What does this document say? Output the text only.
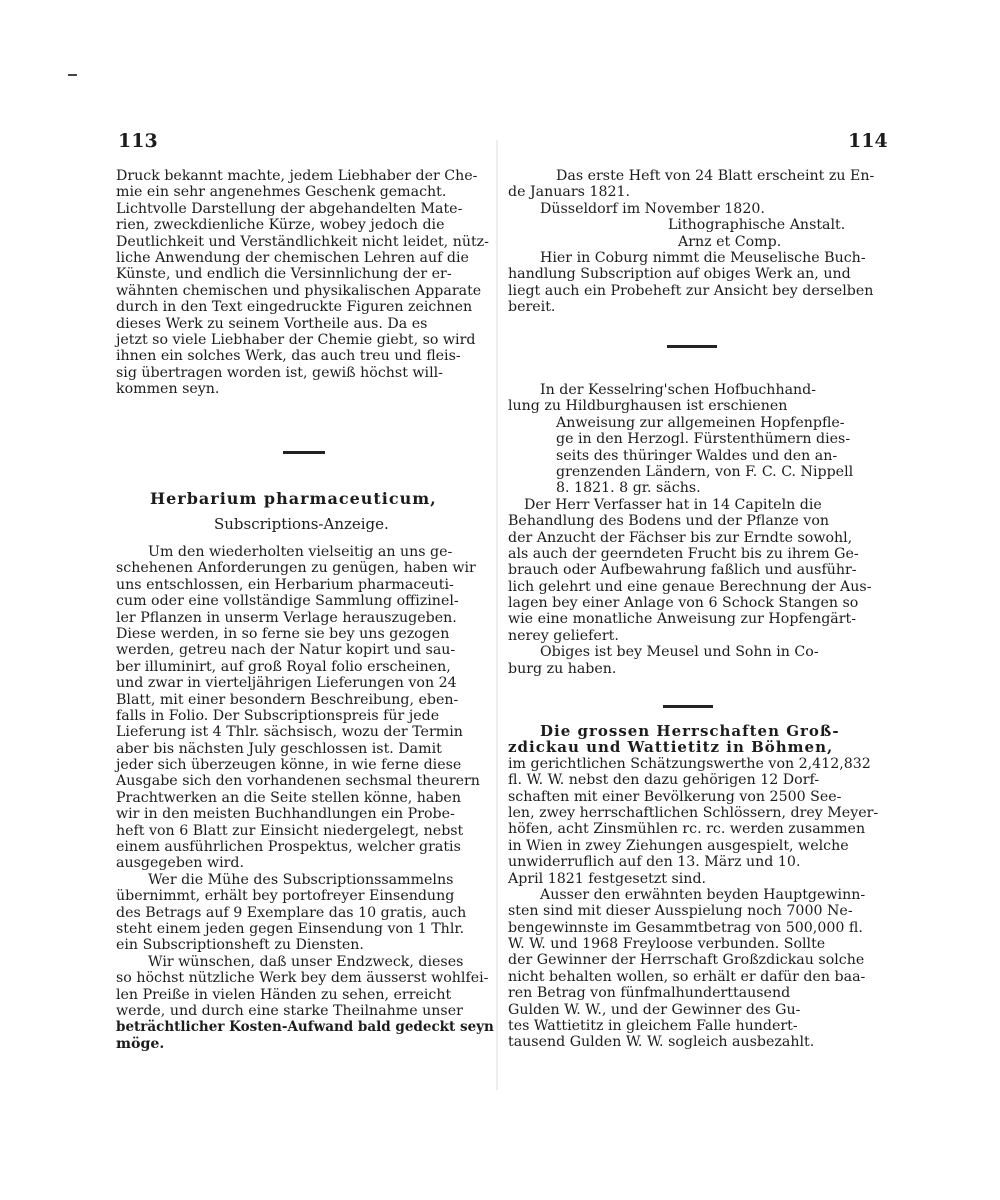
113	114
Druck bekannt machte, jedem Liebhaber der Che-
mie ein sehr angenehmes Geschenk gemacht.
Lichtvolle Darstellung der abgehandelten Mate-
rien, zweckdienliche Kürze, wobey jedoch die
Deutlichkeit und Verständlichkeit nicht leidet, nütz-
liche Anwendung der chemischen Lehren auf die
Künste, und endlich die Versinnlichung der er-
wähnten chemischen und physikalischen Apparate
durch in den Text eingedruckte Figuren zeichnen
dieses Werk zu seinem Vortheile aus. Da es
jetzt so viele Liebhaber der Chemie giebt, so wird
ihnen ein solches Werk, das auch treu und fleis-
sig übertragen worden ist, gewiß höchst will-
kommen seyn.
Herbarium pharmaceuticum,
Subscriptions-Anzeige.
Um den wiederholten vielseitig an uns ge-
schehenen Anforderungen zu genügen, haben wir
uns entschlossen, ein Herbarium pharmaceuti-
cum oder eine vollständige Sammlung offizinel-
ler Pflanzen in unserm Verlage herauszugeben.
Diese werden, in so ferne sie bey uns gezogen
werden, getreu nach der Natur kopirt und sau-
ber illuminirt, auf groß Royal folio erscheinen,
und zwar in vierteljährigen Lieferungen von 24
Blatt, mit einer besondern Beschreibung, eben-
falls in Folio. Der Subscriptionspreis für jede
Lieferung ist 4 Thlr. sächsisch, wozu der Termin
aber bis nächsten July geschlossen ist. Damit
jeder sich überzeugen könne, in wie ferne diese
Ausgabe sich den vorhandenen sechsmal theurern
Prachtwerken an die Seite stellen könne, haben
wir in den meisten Buchhandlungen ein Probe-
heft von 6 Blatt zur Einsicht niedergelegt, nebst
einem ausführlichen Prospektus, welcher gratis
ausgegeben wird.
Wer die Mühe des Subscriptionssammelns
übernimmt, erhält bey portofreyer Einsendung
des Betrags auf 9 Exemplare das 10 gratis, auch
steht einem jeden gegen Einsendung von 1 Thlr.
ein Subscriptionsheft zu Diensten.
Wir wünschen, daß unser Endzweck, dieses
so höchst nützliche Werk bey dem äusserst wohlfei-
len Preiße in vielen Händen zu sehen, erreicht
werde, und durch eine starke Theilnahme unser
beträchtlicher Kosten-Aufwand bald gedeckt seyn
möge.
Das erste Heft von 24 Blatt erscheint zu En-
de Januars 1821.
Düsseldorf im November 1820.
Lithographische Anstalt.
Arnz et Comp.
Hier in Coburg nimmt die Meuselische Buch-
handlung Subscription auf obiges Werk an, und
liegt auch ein Probeheft zur Ansicht bey derselben
bereit.
In der Kesselring'schen Hofbuchhand-
lung zu Hildburghausen ist erschienen
Anweisung zur allgemeinen Hopfenpfle-
ge in den Herzogl. Fürstenthümern dies-
seits des thüringer Waldes und den an-
grenzenden Ländern, von F. C. C. Nippell
8. 1821. 8 gr. sächs.
Der Herr Verfasser hat in 14 Capiteln die
Behandlung des Bodens und der Pflanze von
der Anzucht der Fächser bis zur Erndte sowohl,
als auch der geerndeten Frucht bis zu ihrem Ge-
brauch oder Aufbewahrung faßlich und ausführ-
lich gelehrt und eine genaue Berechnung der Aus-
lagen bey einer Anlage von 6 Schock Stangen so
wie eine monatliche Anweisung zur Hopfengärt-
nerey geliefert.
Obiges ist bey Meusel und Sohn in Co-
burg zu haben.
Die grossen Herrschaften Groß-
zdickau und Wattietitz in Böhmen,
im gerichtlichen Schätzungswerthe von 2,412,832
fl. W. W. nebst den dazu gehörigen 12 Dorf-
schaften mit einer Bevölkerung von 2500 See-
len, zwey herrschaftlichen Schlössern, drey Meyer-
höfen, acht Zinsmühlen rc. rc. werden zusammen
in Wien in zwey Ziehungen ausgespielt, welche
unwiderruflich auf den 13. März und 10.
April 1821 festgesetzt sind.
Ausser den erwähnten beyden Hauptgewinn-
sten sind mit dieser Ausspielung noch 7000 Ne-
bengewinnste im Gesammtbetrag von 500,000 fl.
W. W. und 1968 Freyloose verbunden. Sollte
der Gewinner der Herrschaft Großzdickau solche
nicht behalten wollen, so erhält er dafür den baa-
ren Betrag von fünfmalhunderttausend
Gulden W. W., und der Gewinner des Gu-
tes Wattietitz in gleichem Falle hundert-
tausend Gulden W. W. sogleich ausbezahlt.
